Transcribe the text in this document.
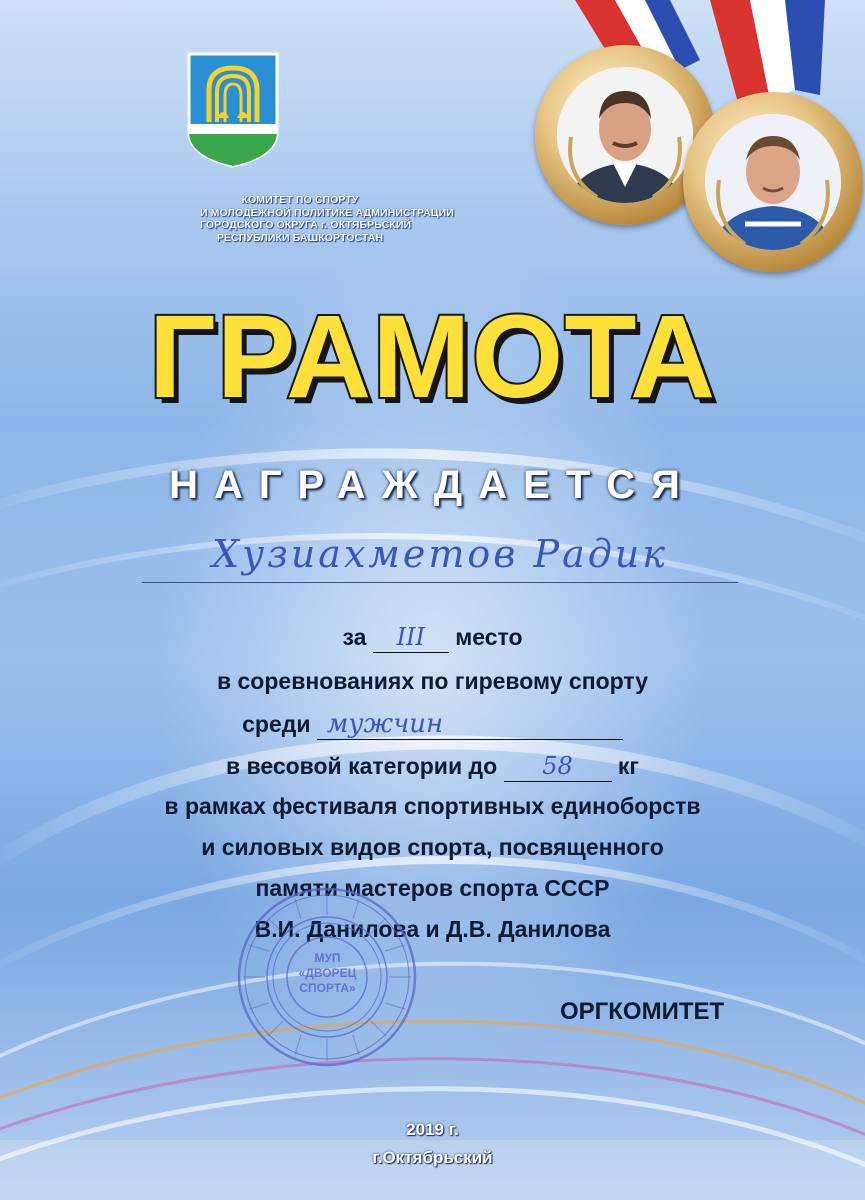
КОМИТЕТ ПО СПОРТУ
И МОЛОДЕЖНОЙ ПОЛИТИКЕ АДМИНИСТРАЦИИ
ГОРОДСКОГО ОКРУГА г. ОКТЯБРЬСКИЙ
РЕСПУБЛИКИ БАШКОРТОСТАН
ГРАМОТА
НАГРАЖДАЕТСЯ
Хузиахметов Радик
за III место
в соревнованиях по гиревому спорту
среди мужчин
в весовой категории до 58 кг
в рамках фестиваля спортивных единоборств
и силовых видов спорта, посвященного
памяти мастеров спорта СССР
В.И. Данилова и Д.В. Данилова
МУП
«ДВОРЕЦ
СПОРТА»
ОРГКОМИТЕТ
2019 г.
г.Октябрьский
